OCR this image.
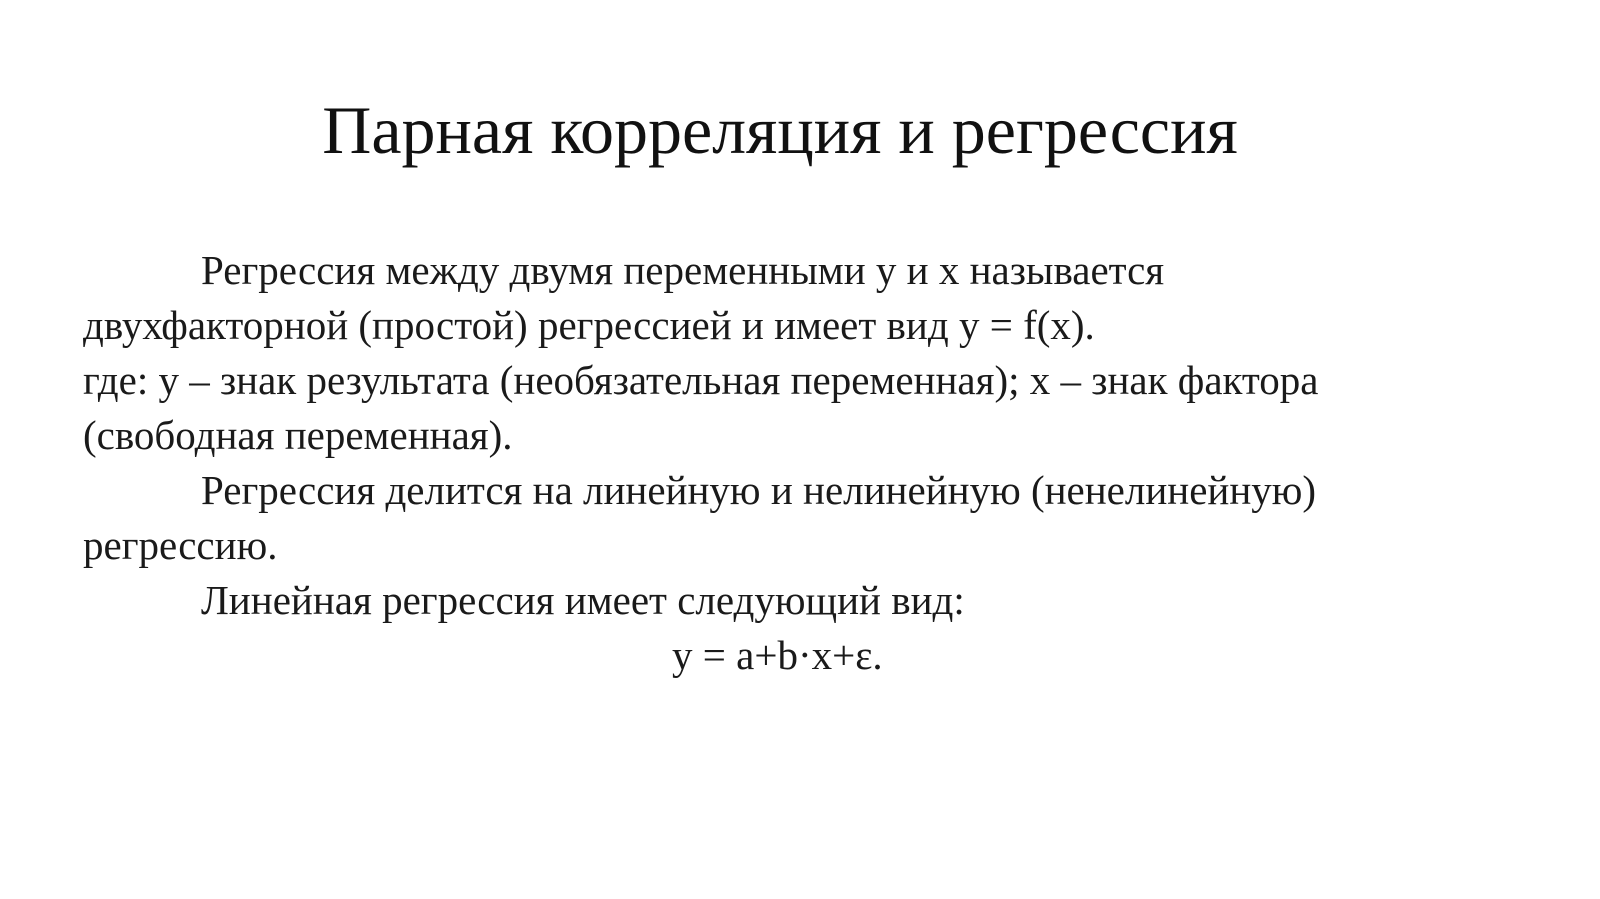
Парная корреляция и регрессия
Регрессия между двумя переменными y и x называется
двухфакторной (простой) регрессией и имеет вид y = f(x).
где: y – знак результата (необязательная переменная); x – знак фактора
(свободная переменная).
Регрессия делится на линейную и нелинейную (ненелинейную)
регрессию.
Линейная регрессия имеет следующий вид:
y = a+b·x+ε.
